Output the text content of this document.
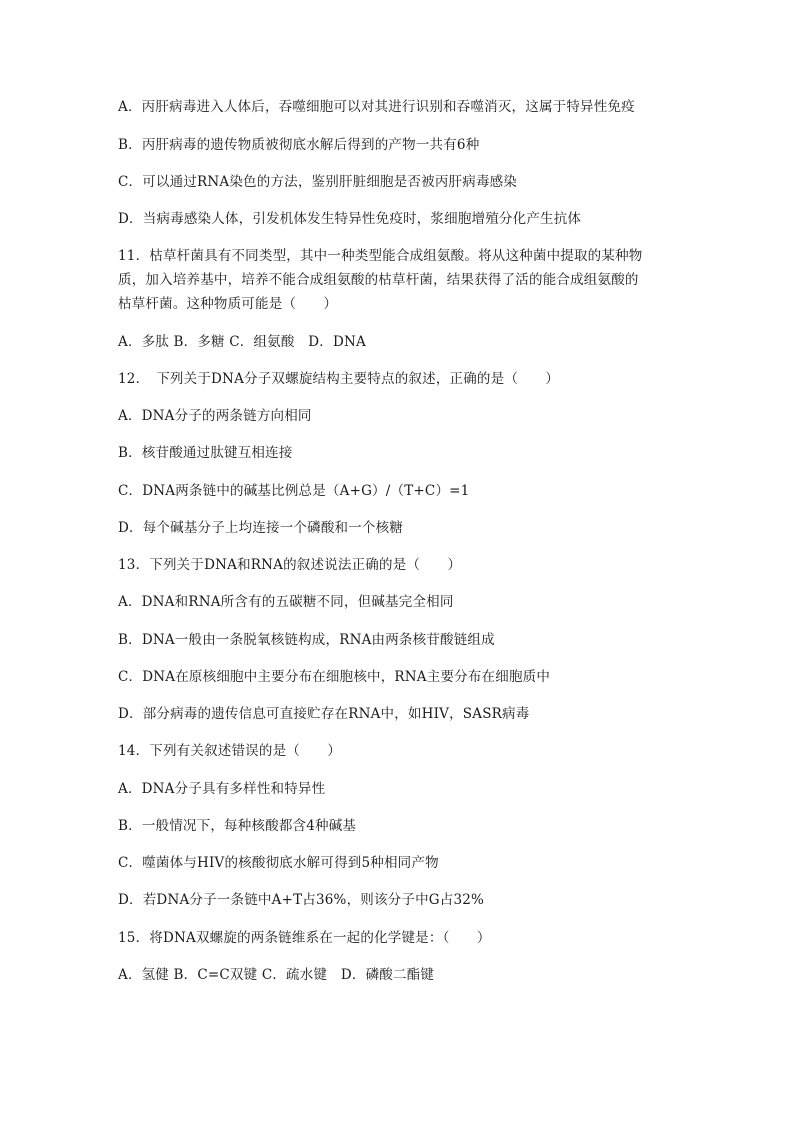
A．丙肝病毒进入人体后，吞噬细胞可以对其进行识别和吞噬消灭，这属于特异性免疫
B．丙肝病毒的遗传物质被彻底水解后得到的产物一共有6种
C．可以通过RNA染色的方法，鉴别肝脏细胞是否被丙肝病毒感染
D．当病毒感染人体，引发机体发生特异性免疫时，浆细胞增殖分化产生抗体
11．枯草杆菌具有不同类型，其中一种类型能合成组氨酸。将从这种菌中提取的某种物
质，加入培养基中，培养不能合成组氨酸的枯草杆菌，结果获得了活的能合成组氨酸的
枯草杆菌。这种物质可能是（　　）
A．多肽 B．多糖 C．组氨酸　D．DNA
12．　下列关于DNA分子双螺旋结构主要特点的叙述，正确的是（　　）
A．DNA分子的两条链方向相同
B．核苷酸通过肽键互相连接
C．DNA两条链中的碱基比例总是（A+G）/（T+C）=1
D．每个碱基分子上均连接一个磷酸和一个核糖
13．下列关于DNA和RNA的叙述说法正确的是（　　）
A．DNA和RNA所含有的五碳糖不同，但碱基完全相同
B．DNA一般由一条脱氧核链构成，RNA由两条核苷酸链组成
C．DNA在原核细胞中主要分布在细胞核中，RNA主要分布在细胞质中
D．部分病毒的遗传信息可直接贮存在RNA中，如HIV，SASR病毒
14．下列有关叙述错误的是（　　）
A．DNA分子具有多样性和特异性
B．一般情况下，每种核酸都含4种碱基
C．噬菌体与HIV的核酸彻底水解可得到5种相同产物
D．若DNA分子一条链中A+T占36%，则该分子中G占32%
15．将DNA双螺旋的两条链维系在一起的化学键是：（　　）
A．氢健 B．C=C双键 C．疏水键　D．磷酸二酯键
